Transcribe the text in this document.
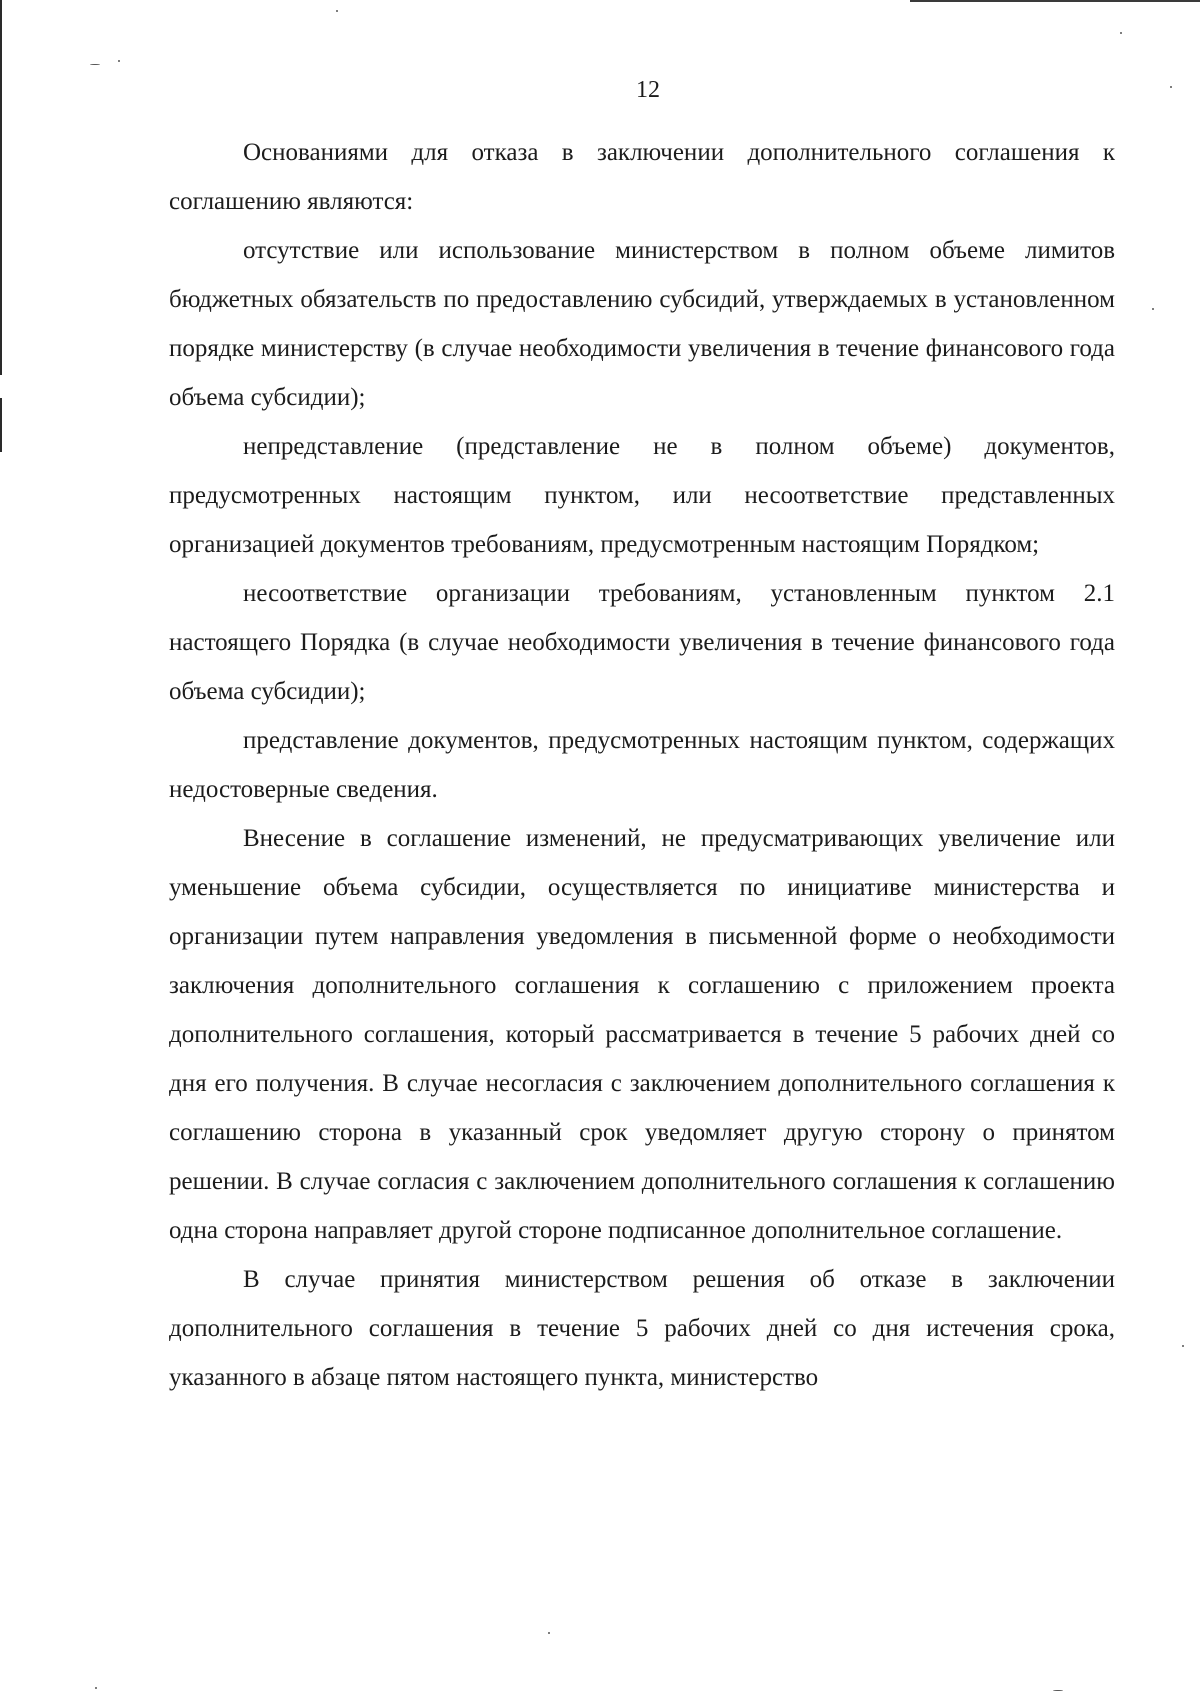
12

Основаниями для отказа в заключении дополнительного соглашения к соглашению являются:

отсутствие или использование министерством в полном объеме лимитов бюджетных обязательств по предоставлению субсидий, утверждаемых в установленном порядке министерству (в случае необходимости увеличения в течение финансового года объема субсидии);

непредставление (представление не в полном объеме) документов, предусмотренных настоящим пунктом, или несоответствие представленных организацией документов требованиям, предусмотренным настоящим Порядком;

несоответствие организации требованиям, установленным пунктом 2.1 настоящего Порядка (в случае необходимости увеличения в течение финансового года объема субсидии);

представление документов, предусмотренных настоящим пунктом, содержащих недостоверные сведения.

Внесение в соглашение изменений, не предусматривающих увеличение или уменьшение объема субсидии, осуществляется по инициативе министерства и организации путем направления уведомления в письменной форме о необходимости заключения дополнительного соглашения к соглашению с приложением проекта дополнительного соглашения, который рассматривается в течение 5 рабочих дней со дня его получения. В случае несогласия с заключением дополнительного соглашения к соглашению сторона в указанный срок уведомляет другую сторону о принятом решении. В случае согласия с заключением дополнительного соглашения к соглашению одна сторона направляет другой стороне подписанное дополнительное соглашение.

В случае принятия министерством решения об отказе в заключении дополнительного соглашения в течение 5 рабочих дней со дня истечения срока, указанного в абзаце пятом настоящего пункта, министерство
